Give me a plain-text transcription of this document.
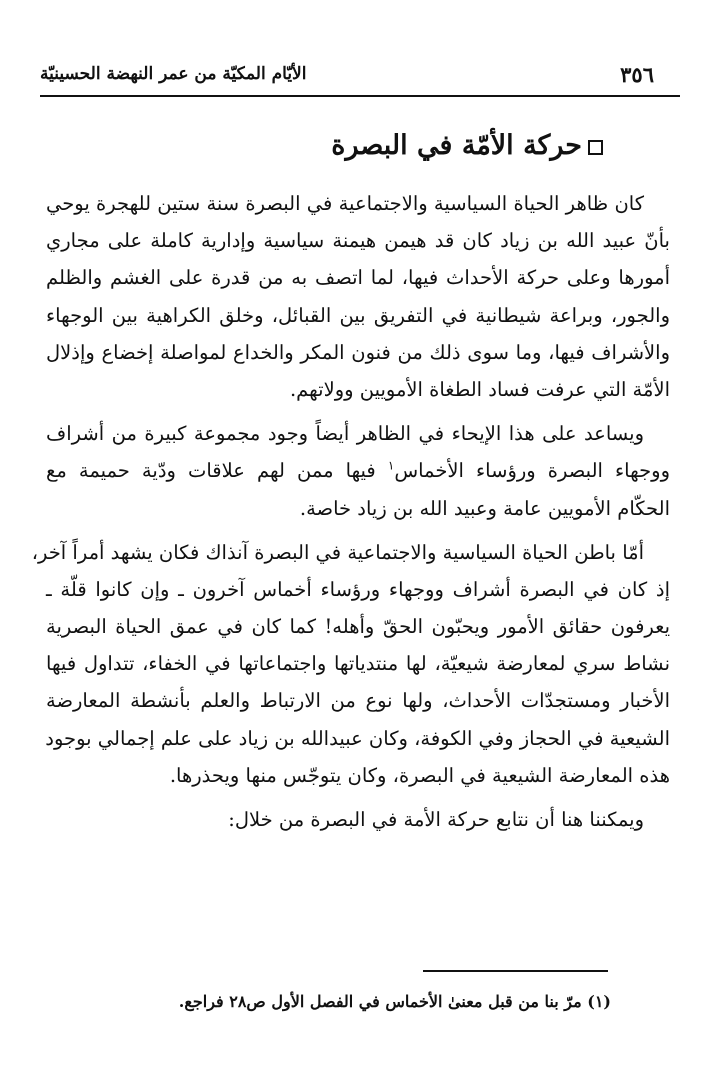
٣٥٦
الأيّام المكيّة من عمر النهضة الحسينيّة
حركة الأمّة في البصرة
كان ظاهر الحياة السياسية والاجتماعية في البصرة سنة ستين للهجرة يوحي
بأنّ عبيد الله بن زياد كان قد هيمن هيمنة سياسية وإدارية كاملة على مجاري
أمورها وعلى حركة الأحداث فيها، لما اتصف به من قدرة على الغشم والظلم
والجور، وبراعة شيطانية في التفريق بين القبائل، وخلق الكراهية بين الوجهاء
والأشراف فيها، وما سوى ذلك من فنون المكر والخداع لمواصلة إخضاع وإذلال
الأمّة التي عرفت فساد الطغاة الأمويين وولاتهم.
ويساعد على هذا الإيحاء في الظاهر أيضاً وجود مجموعة كبيرة من أشراف
ووجهاء البصرة ورؤساء الأخماس$^١$ فيها ممن لهم علاقات ودّية حميمة مع
الحكّام الأمويين عامة وعبيد الله بن زياد خاصة.
أمّا باطن الحياة السياسية والاجتماعية في البصرة آنذاك فكان يشهد أمراً آخر،
إذ كان في البصرة أشراف ووجهاء ورؤساء أخماس آخرون ـ وإن كانوا قلّة ـ
يعرفون حقائق الأمور ويحبّون الحقّ وأهله! كما كان في عمق الحياة البصرية
نشاط سري لمعارضة شيعيّة، لها منتدياتها واجتماعاتها في الخفاء، تتداول فيها
الأخبار ومستجدّات الأحداث، ولها نوع من الارتباط والعلم بأنشطة المعارضة
الشيعية في الحجاز وفي الكوفة، وكان عبيدالله بن زياد على علم إجمالي بوجود
هذه المعارضة الشيعية في البصرة، وكان يتوجّس منها ويحذرها.
ويمكننا هنا أن نتابع حركة الأمة في البصرة من خلال:
(١) مرّ بنا من قبل معنىٰ الأخماس في الفصل الأول ص٢٨ فراجع.
